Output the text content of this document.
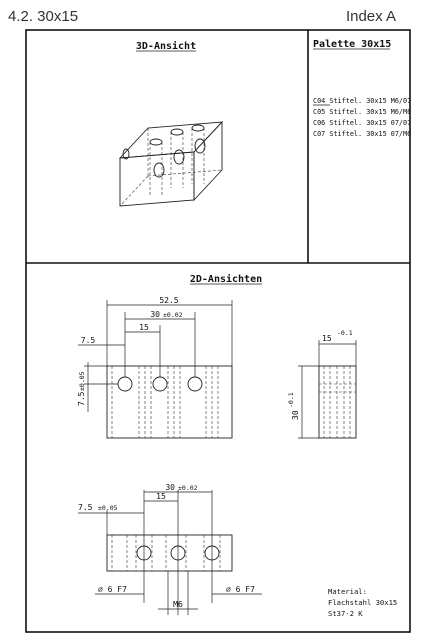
4.2. 30x15	Index A
3D-Ansicht	Palette 30x15
C04 Stiftel. 30x15 M6/07
C05 Stiftel. 30x15 M6/M6
C06 Stiftel. 30x15 07/07
C07 Stiftel. 30x15 07/M6
2D-Ansichten
52.5
30 ±0.02
15
7.5
7.5
±0.05
15
-0.1
30
-0.1
30 ±0.02
15
7.5 ±0.05
⌀ 6 F7	⌀ 6 F7
M6
Material:
Flachstahl 30x15
St37-2 K
